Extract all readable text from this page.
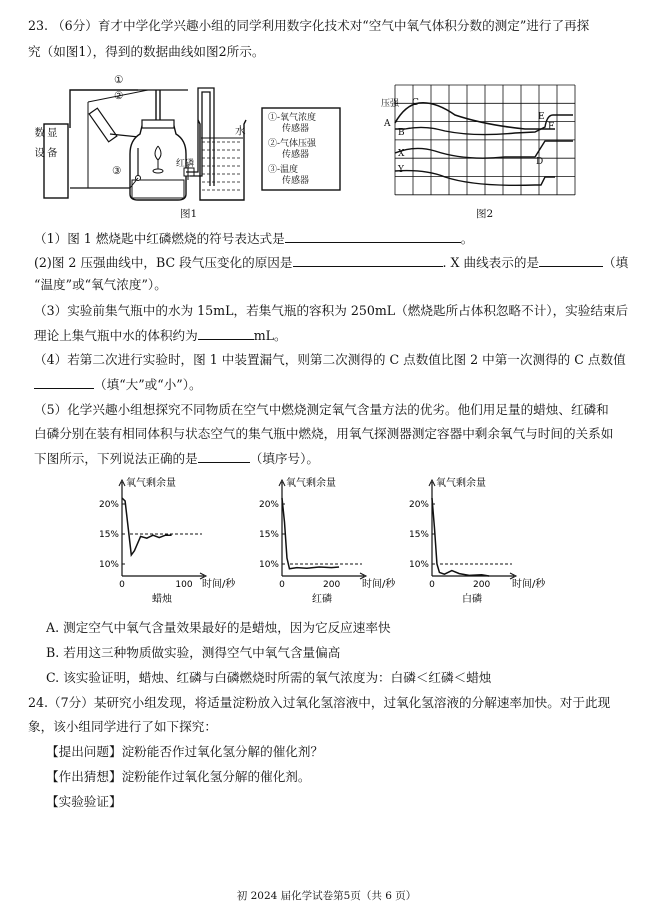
23. （6分）育才中学化学兴趣小组的同学利用数字化技术对“空气中氧气体积分数的测定”进行了再探
究（如图1），得到的数据曲线如图2所示。
数显设备
①
②
③
红磷
水
①-氧气浓度
传感器
②-气体压强
传感器
③-温度
传感器
图1
压强
A
B
C
X
Y
D
E
F
图2
（1）图 1 燃烧匙中红磷燃烧的符号表达式是	。
(2)图 2 压强曲线中，BC 段气压变化的原因是	. X 曲线表示的是	（填
“温度”或“氧气浓度”）。
（3）实验前集气瓶中的水为 15mL，若集气瓶的容积为 250mL（燃烧匙所占体积忽略不计），实验结束后
理论上集气瓶中水的体积约为	mL。
（4）若第二次进行实验时，图 1 中装置漏气，则第二次测得的 C 点数值比图 2 中第一次测得的 C 点数值
（填“大”或“小”）。
（5）化学兴趣小组想探究不同物质在空气中燃烧测定氧气含量方法的优劣。他们用足量的蜡烛、红磷和
白磷分别在装有相同体积与状态空气的集气瓶中燃烧，用氧气探测器测定容器中剩余氧气与时间的关系如
下图所示，下列说法正确的是	（填序号）。
氧气剩余量
20%
15%
10%
0	100 时间/秒
蜡烛
氧气剩余量
20%
15%
10%
0	200 时间/秒
红磷
氧气剩余量
20%
15%
10%
0	200 时间/秒
白磷
A. 测定空气中氧气含量效果最好的是蜡烛，因为它反应速率快
B. 若用这三种物质做实验，测得空气中氧气含量偏高
C. 该实验证明，蜡烛、红磷与白磷燃烧时所需的氧气浓度为：白磷＜红磷＜蜡烛
24.（7分）某研究小组发现，将适量淀粉放入过氧化氢溶液中，过氧化氢溶液的分解速率加快。对于此现
象，该小组同学进行了如下探究：
【提出问题】淀粉能否作过氧化氢分解的催化剂？
【作出猜想】淀粉能作过氧化氢分解的催化剂。
【实验验证】
初 2024 届化学试卷第5页（共 6 页）
